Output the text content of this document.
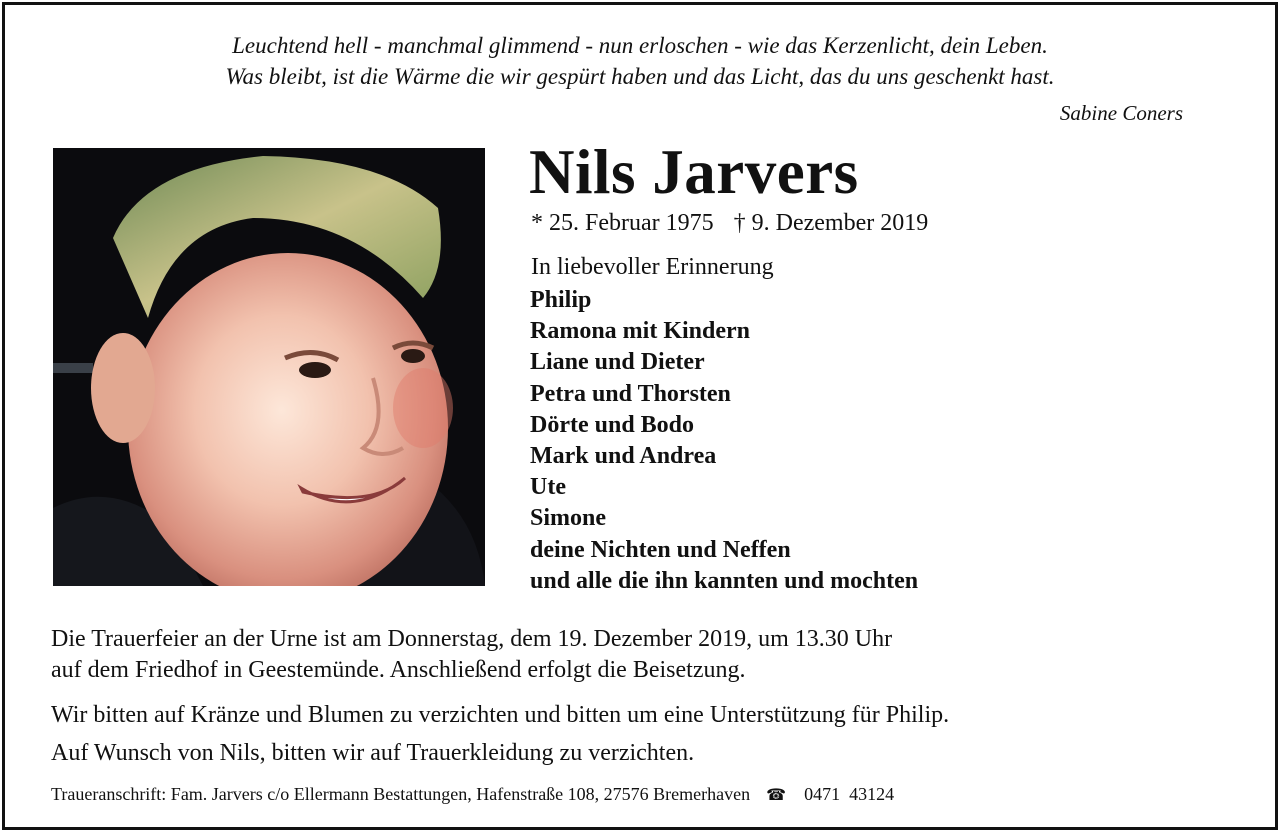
Leuchtend hell - manchmal glimmend - nun erloschen - wie das Kerzenlicht, dein Leben.
Was bleibt, ist die Wärme die wir gespürt haben und das Licht, das du uns geschenkt hast.
Sabine Coners
Nils Jarvers
* 25. Februar 1975 † 9. Dezember 2019
In liebevoller Erinnerung
Philip
Ramona mit Kindern
Liane und Dieter
Petra und Thorsten
Dörte und Bodo
Mark und Andrea
Ute
Simone
deine Nichten und Neffen
und alle die ihn kannten und mochten
Die Trauerfeier an der Urne ist am Donnerstag, dem 19. Dezember 2019, um 13.30 Uhr
auf dem Friedhof in Geestemünde. Anschließend erfolgt die Beisetzung.
Wir bitten auf Kränze und Blumen zu verzichten und bitten um eine Unterstützung für Philip.
Auf Wunsch von Nils, bitten wir auf Trauerkleidung zu verzichten.
Traueranschrift: Fam. Jarvers c/o Ellermann Bestattungen, Hafenstraße 108, 27576 Bremerhaven ☎ 0471  43124
